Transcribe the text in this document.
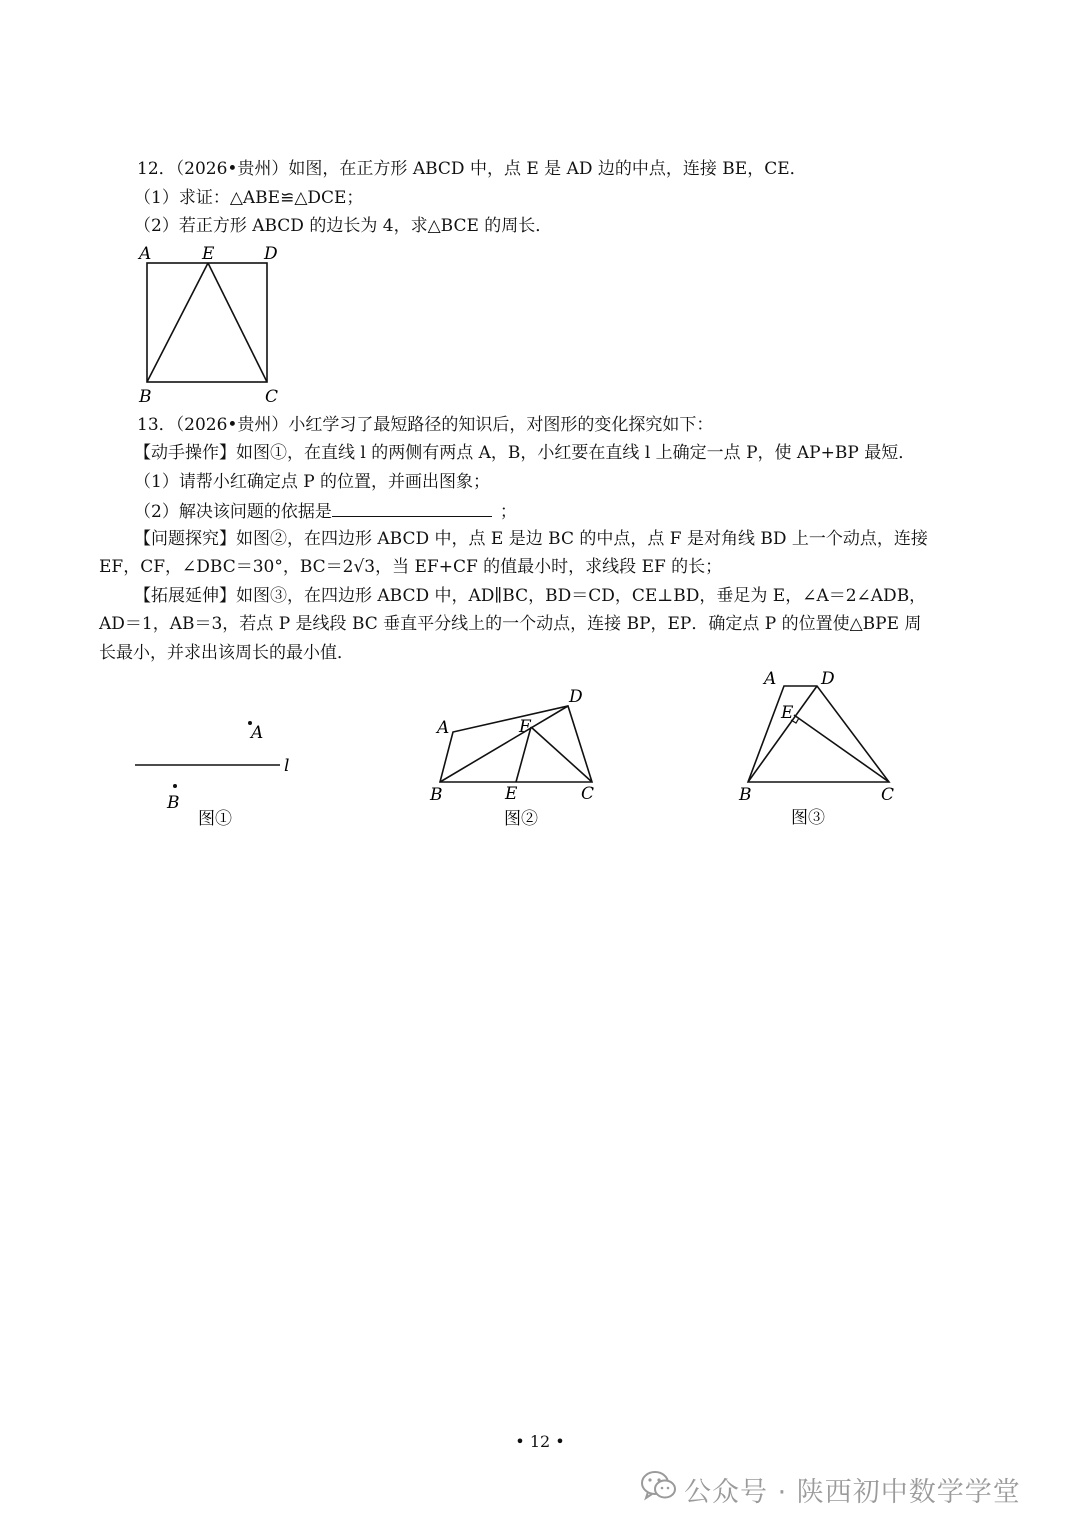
12．（2026•贵州）如图，在正方形 ABCD 中，点 E 是 AD 边的中点，连接 BE，CE．
（1）求证：△ABE≌△DCE；
（2）若正方形 ABCD 的边长为 4，求△BCE 的周长．
A	E	D
B	C
13．（2026•贵州）小红学习了最短路径的知识后，对图形的变化探究如下：
【动手操作】如图①，在直线 l 的两侧有两点 A，B，小红要在直线 l 上确定一点 P，使 AP+BP 最短．
（1）请帮小红确定点 P 的位置，并画出图象；
（2）解决该问题的依据是	；
【问题探究】如图②，在四边形 ABCD 中，点 E 是边 BC 的中点，点 F 是对角线 BD 上一个动点，连接
EF，CF，∠DBC＝30°，BC＝2√3，当 EF+CF 的值最小时，求线段 EF 的长；
【拓展延伸】如图③，在四边形 ABCD 中，AD∥BC，BD＝CD，CE⊥BD，垂足为 E，∠A＝2∠ADB，
AD＝1，AB＝3，若点 P 是线段 BC 垂直平分线上的一个动点，连接 BP，EP．确定点 P 的位置使△BPE 周
长最小，并求出该周长的最小值．
A
B
l
图①
A
B	C
D
E
F
图②
A	D
E
B	C
图③
• 12 •
公众号 · 陕西初中数学学堂
